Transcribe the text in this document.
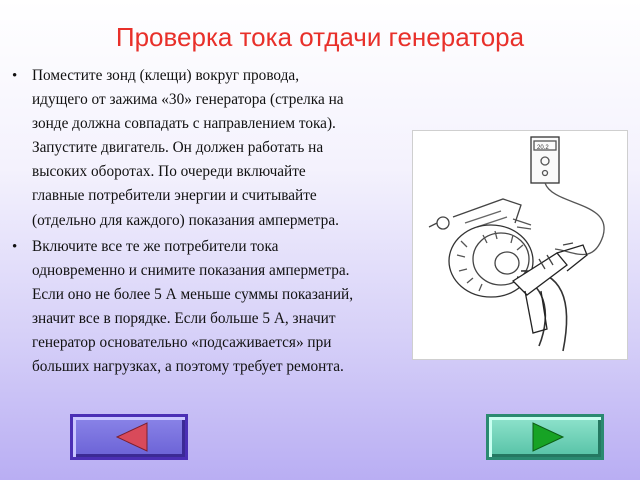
Проверка тока отдачи генератора
• Поместите зонд (клещи) вокруг провода,
идущего от зажима «30» генератора (стрелка на
зонде должна совпадать с направлением тока).
Запустите двигатель. Он должен работать на
высоких оборотах. По очереди включайте
главные потребители энергии и считывайте
(отдельно для каждого) показания амперметра.
• Включите все те же потребители тока
одновременно и снимите показания амперметра.
Если оно не более 5 А меньше суммы показаний,
значит все в порядке. Если больше 5 А, значит
генератор основательно «подсаживается» при
больших нагрузках, а поэтому требует ремонта.
20.2
